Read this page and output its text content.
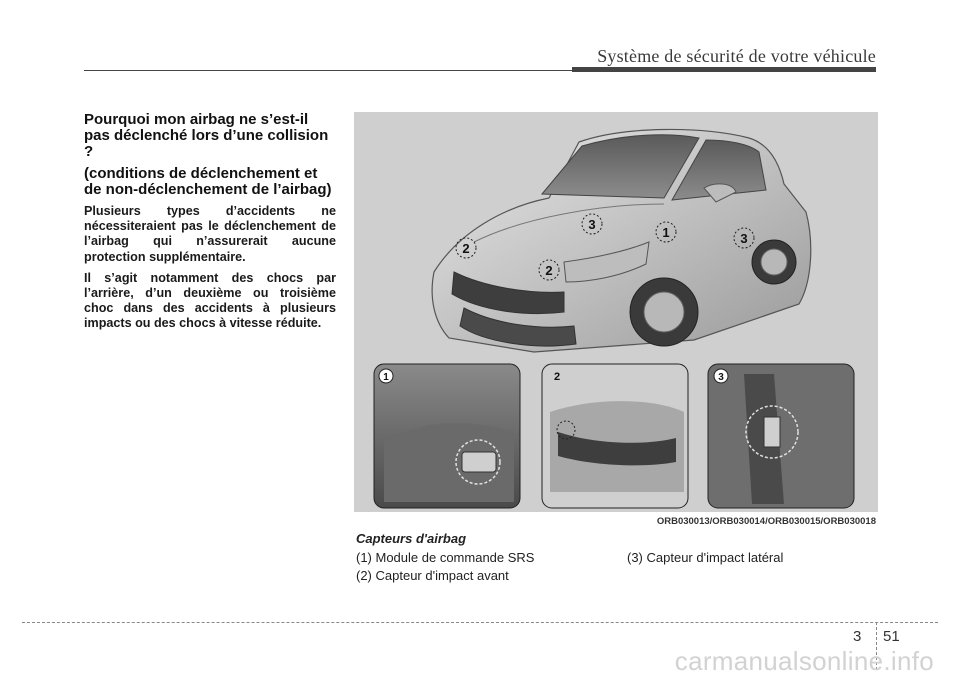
Système de sécurité de votre véhicule

Pourquoi mon airbag ne s’est-il pas déclenché lors d’une collision ?

(conditions de déclenchement et de non-déclenchement de l’airbag)

Plusieurs types d’accidents ne nécessiteraient pas le déclenchement de l’airbag qui n’assurerait aucune protection supplémentaire.

Il s’agit notamment des chocs par l’arrière, d’un deuxième ou troisième choc dans des accidents à plusieurs impacts ou des chocs à vitesse réduite.

1
2
2
3
3
1	2	3
ORB030013/ORB030014/ORB030015/ORB030018
Capteurs d'airbag
(1) Module de commande SRS
(2) Capteur d'impact avant
(3) Capteur d'impact latéral
3 51
carmanualsonline.info
